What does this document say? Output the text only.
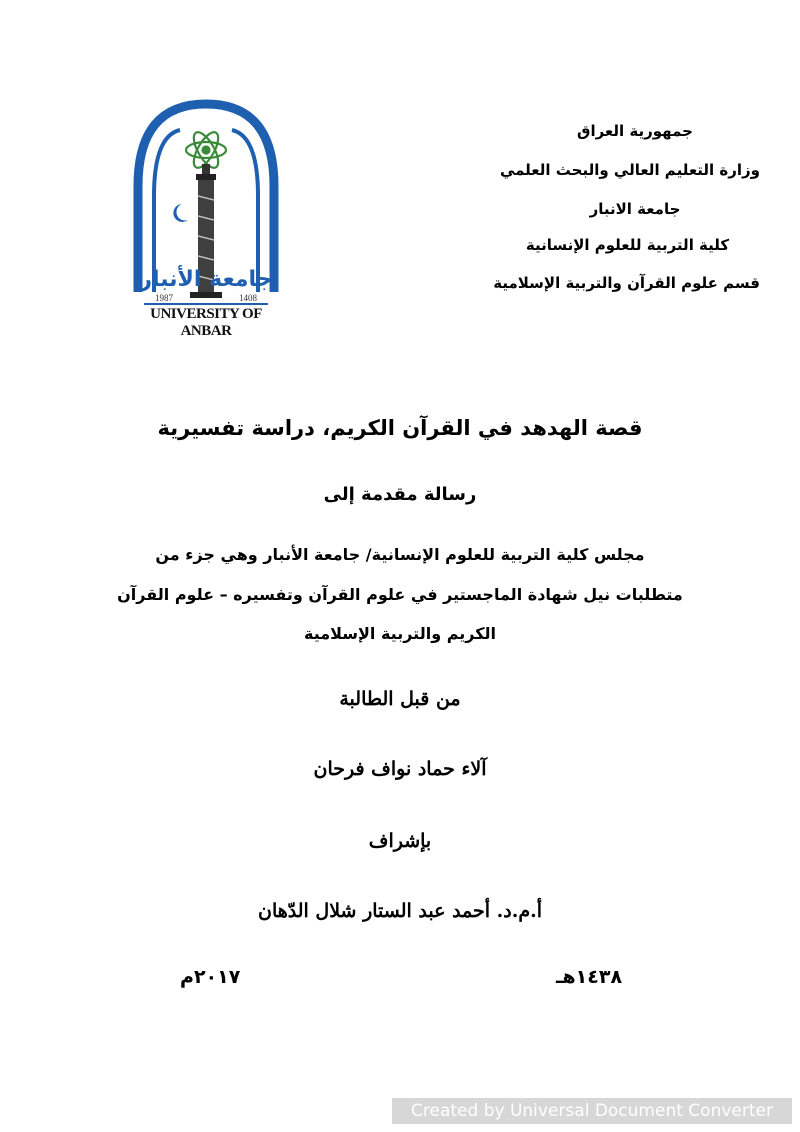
جمهورية العراق
وزارة التعليم العالي والبحث العلمي
جامعة الانبار
كلية التربية للعلوم الإنسانية
قسم علوم القرآن والتربية الإسلامية
جامعة الأنبار
1987	1408
UNIVERSITY OF ANBAR
قصة الهدهد في القرآن الكريم، دراسة تفسيرية
رسالة مقدمة إلى
مجلس كلية التربية للعلوم الإنسانية/ جامعة الأنبار وهي جزء من
متطلبات نيل شهادة الماجستير في علوم القرآن وتفسيره – علوم القرآن
الكريم والتربية الإسلامية
من قبل الطالبة
آلاء حماد نواف فرحان
بإشراف
أ.م.د. أحمد عبد الستار شلال الدّهان
١٤٣٨هـ
٢٠١٧م
Created by Universal Document Converter
